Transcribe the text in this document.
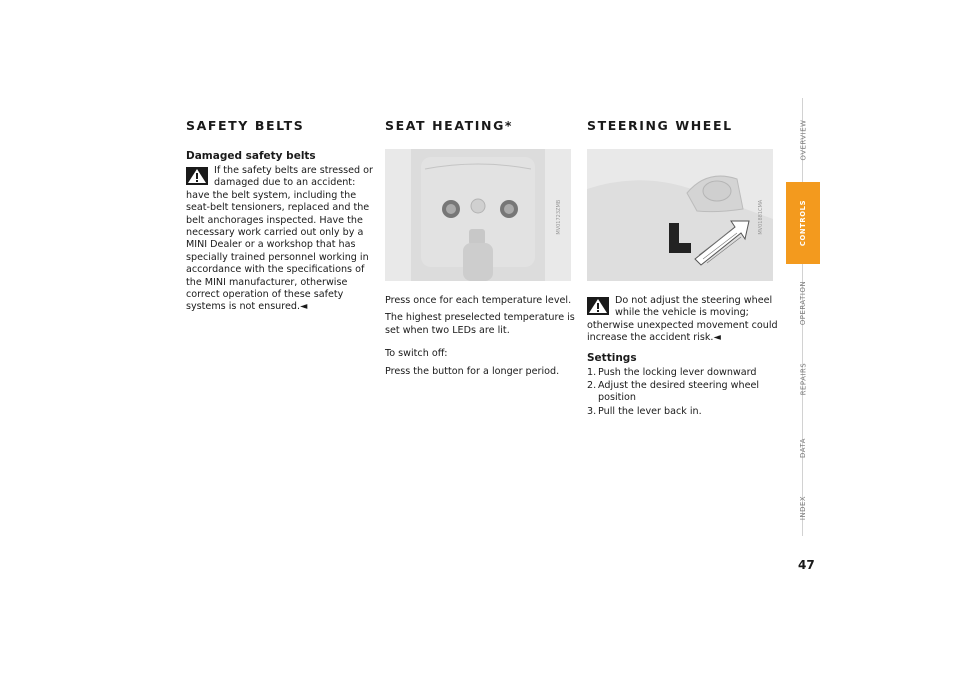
SAFETY BELTS
Damaged safety belts
If the safety belts are stressed or damaged due to an accident: have the belt system, including the seat-belt tensioners, replaced and the belt anchorages inspected. Have the necessary work carried out only by a MINI Dealer or a workshop that has specially trained personnel working in accordance with the specifications of the MINI manufacturer, otherwise correct operation of these safety systems is not ensured.◄
SEAT HEATING*
MV01723ZMB

Press once for each temperature level.

The highest preselected temperature is set when two LEDs are lit.

To switch off:

Press the button for a longer period.

STEERING WHEEL
MV01881CMA
Do not adjust the steering wheel while the vehicle is moving; otherwise unexpected movement could increase the accident risk.◄
Settings
1. Push the locking lever downward
2. Adjust the desired steering wheel position
3. Pull the lever back in.
OVERVIEW
CONTROLS
OPERATION
REPAIRS
DATA
INDEX
47
